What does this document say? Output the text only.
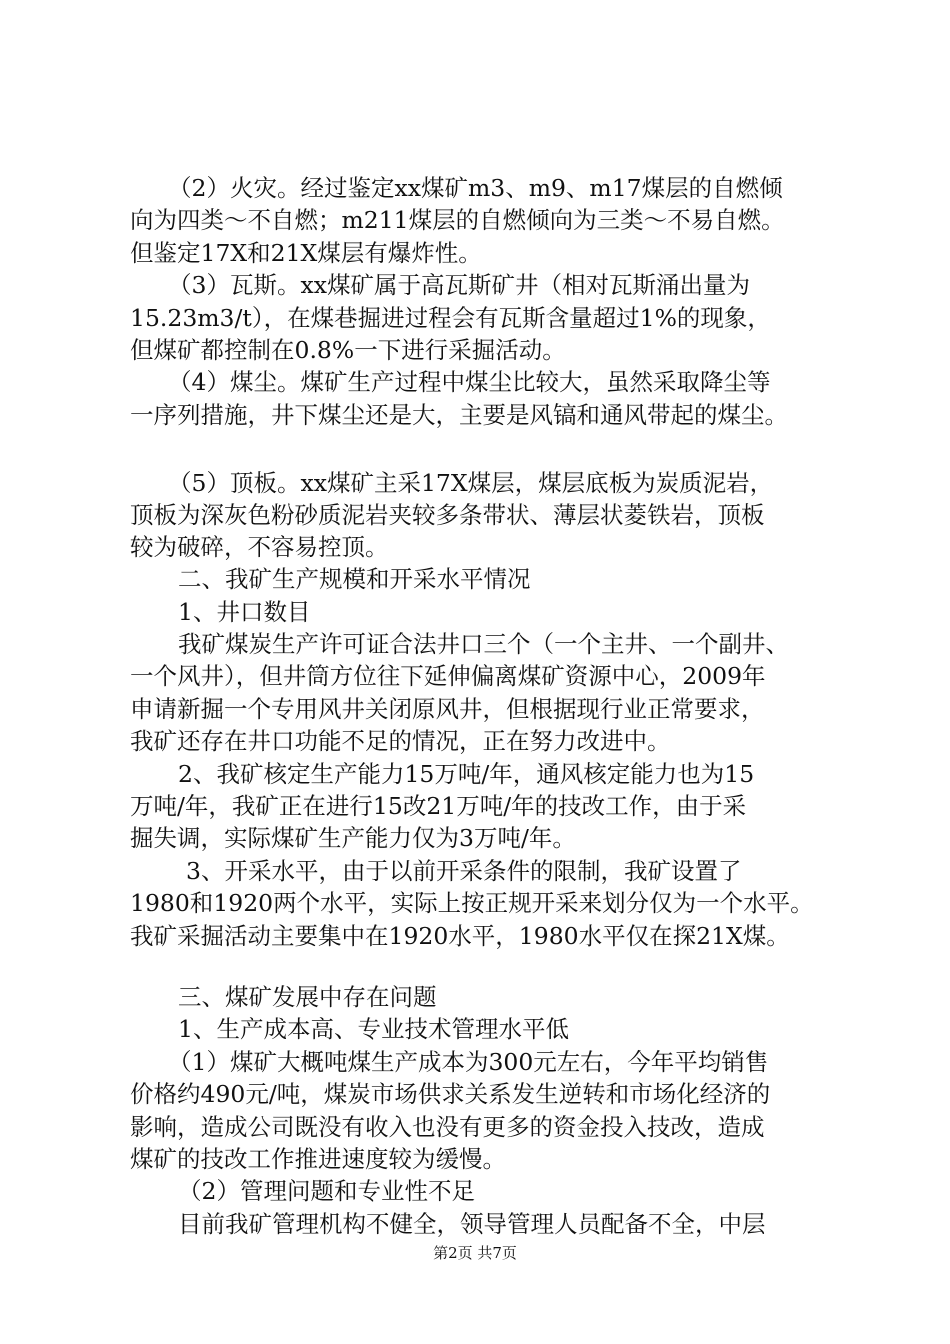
（2）火灾。经过鉴定xx煤矿m3、m9、m17煤层的自燃倾
向为四类～不自燃；m211煤层的自燃倾向为三类～不易自燃。
但鉴定17X和21X煤层有爆炸性。
（3）瓦斯。xx煤矿属于高瓦斯矿井（相对瓦斯涌出量为
15.23m3/t），在煤巷掘进过程会有瓦斯含量超过1%的现象，
但煤矿都控制在0.8%一下进行采掘活动。
（4）煤尘。煤矿生产过程中煤尘比较大，虽然采取降尘等
一序列措施，井下煤尘还是大，主要是风镐和通风带起的煤尘。
（5）顶板。xx煤矿主采17X煤层，煤层底板为炭质泥岩，
顶板为深灰色粉砂质泥岩夹较多条带状、薄层状菱铁岩，顶板
较为破碎，不容易控顶。
二、我矿生产规模和开采水平情况
1、井口数目
我矿煤炭生产许可证合法井口三个（一个主井、一个副井、
一个风井），但井筒方位往下延伸偏离煤矿资源中心，2009年
申请新掘一个专用风井关闭原风井，但根据现行业正常要求，
我矿还存在井口功能不足的情况，正在努力改进中。
2、我矿核定生产能力15万吨/年，通风核定能力也为15
万吨/年，我矿正在进行15改21万吨/年的技改工作，由于采
掘失调，实际煤矿生产能力仅为3万吨/年。
3、开采水平，由于以前开采条件的限制，我矿设置了
1980和1920两个水平，实际上按正规开采来划分仅为一个水平。
我矿采掘活动主要集中在1920水平，1980水平仅在探21X煤。
三、煤矿发展中存在问题
1、生产成本高、专业技术管理水平低
（1）煤矿大概吨煤生产成本为300元左右，今年平均销售
价格约490元/吨，煤炭市场供求关系发生逆转和市场化经济的
影响，造成公司既没有收入也没有更多的资金投入技改，造成
煤矿的技改工作推进速度较为缓慢。
（2）管理问题和专业性不足
目前我矿管理机构不健全，领导管理人员配备不全，中层
第2页 共7页
